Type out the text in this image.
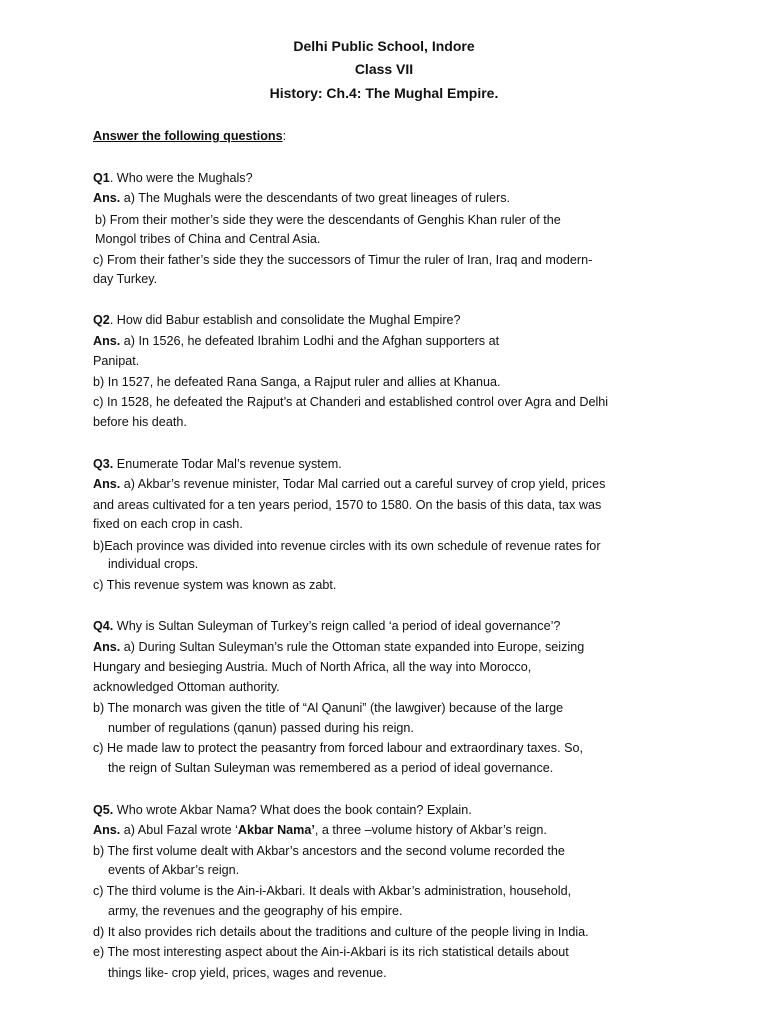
Delhi Public School, Indore
Class VII
History: Ch.4: The Mughal Empire.
Answer the following questions:
Q1. Who were the Mughals?
Ans. a) The Mughals were the descendants of two great lineages of rulers.
b) From their mother’s side they were the descendants of Genghis Khan ruler of the
Mongol tribes of China and Central Asia.
c) From their father’s side they the successors of Timur the ruler of Iran, Iraq and modern-
day Turkey.
Q2. How did Babur establish and consolidate the Mughal Empire?
Ans. a) In 1526, he defeated Ibrahim Lodhi and the Afghan supporters at
Panipat.
b) In 1527, he defeated Rana Sanga, a Rajput ruler and allies at Khanua.
c) In 1528, he defeated the Rajput’s at Chanderi and established control over Agra and Delhi
before his death.
Q3. Enumerate Todar Mal’s revenue system.
Ans. a) Akbar’s revenue minister, Todar Mal carried out a careful survey of crop yield, prices
and areas cultivated for a ten years period, 1570 to 1580. On the basis of this data, tax was
fixed on each crop in cash.
b)Each province was divided into revenue circles with its own schedule of revenue rates for
individual crops.
c) This revenue system was known as zabt.
Q4. Why is Sultan Suleyman of Turkey’s reign called ‘a period of ideal governance’?
Ans. a) During Sultan Suleyman’s rule the Ottoman state expanded into Europe, seizing
Hungary and besieging Austria. Much of North Africa, all the way into Morocco,
acknowledged Ottoman authority.
b) The monarch was given the title of “Al Qanuni” (the lawgiver) because of the large
number of regulations (qanun) passed during his reign.
c) He made law to protect the peasantry from forced labour and extraordinary taxes. So,
the reign of Sultan Suleyman was remembered as a period of ideal governance.
Q5. Who wrote Akbar Nama? What does the book contain? Explain.
Ans. a) Abul Fazal wrote ‘Akbar Nama’, a three –volume history of Akbar’s reign.
b) The first volume dealt with Akbar’s ancestors and the second volume recorded the
events of Akbar’s reign.
c) The third volume is the Ain-i-Akbari. It deals with Akbar’s administration, household,
army, the revenues and the geography of his empire.
d) It also provides rich details about the traditions and culture of the people living in India.
e) The most interesting aspect about the Ain-i-Akbari is its rich statistical details about
things like- crop yield, prices, wages and revenue.
